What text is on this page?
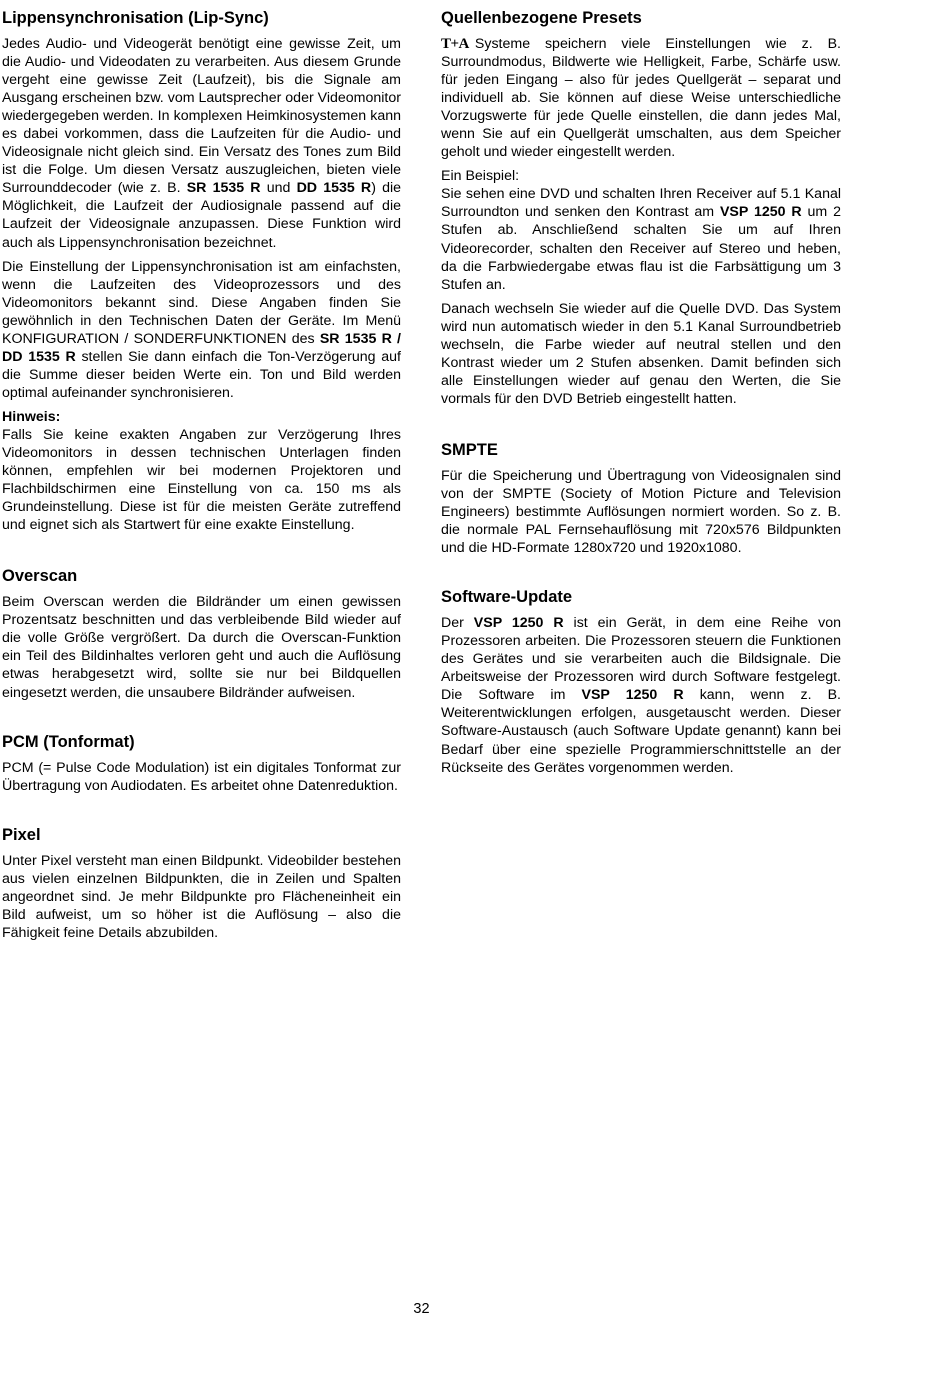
Lippensynchronisation (Lip-Sync)

Jedes Audio- und Videogerät benötigt eine gewisse Zeit, um die Audio- und Videodaten zu verarbeiten. Aus diesem Grunde vergeht eine gewisse Zeit (Laufzeit), bis die Signale am Ausgang erscheinen bzw. vom Lautsprecher oder Videomonitor wiedergegeben werden. In komplexen Heimkinosystemen kann es dabei vorkommen, dass die Laufzeiten für die Audio- und Videosignale nicht gleich sind. Ein Versatz des Tones zum Bild ist die Folge. Um diesen Versatz auszugleichen, bieten viele Surrounddecoder (wie z. B. SR 1535 R und DD 1535 R) die Möglichkeit, die Laufzeit der Audiosignale passend auf die Laufzeit der Videosignale anzupassen. Diese Funktion wird auch als Lippensynchronisation bezeichnet.

Die Einstellung der Lippensynchronisation ist am einfachsten, wenn die Laufzeiten des Videoprozessors und des Videomonitors bekannt sind. Diese Angaben finden Sie gewöhnlich in den Technischen Daten der Geräte. Im Menü KONFIGURATION / SONDERFUNKTIONEN des SR 1535 R / DD 1535 R stellen Sie dann einfach die Ton-Verzögerung auf die Summe dieser beiden Werte ein. Ton und Bild werden optimal aufeinander synchronisieren.

Hinweis:

Falls Sie keine exakten Angaben zur Verzögerung Ihres Videomonitors in dessen technischen Unterlagen finden können, empfehlen wir bei modernen Projektoren und Flachbildschirmen eine Einstellung von ca. 150 ms als Grundeinstellung. Diese ist für die meisten Geräte zutreffend und eignet sich als Startwert für eine exakte Einstellung.

Overscan

Beim Overscan werden die Bildränder um einen gewissen Prozentsatz beschnitten und das verbleibende Bild wieder auf die volle Größe vergrößert. Da durch die Overscan-Funktion ein Teil des Bildinhaltes verloren geht und auch die Auflösung etwas herabgesetzt wird, sollte sie nur bei Bildquellen eingesetzt werden, die unsaubere Bildränder aufweisen.

PCM (Tonformat)

PCM (= Pulse Code Modulation) ist ein digitales Tonformat zur Übertragung von Audiodaten. Es arbeitet ohne Datenreduktion.

Pixel

Unter Pixel versteht man einen Bildpunkt. Videobilder bestehen aus vielen einzelnen Bildpunkten, die in Zeilen und Spalten angeordnet sind. Je mehr Bildpunkte pro Flächeneinheit ein Bild aufweist, um so höher ist die Auflösung – also die Fähigkeit feine Details abzubilden.

Quellenbezogene Presets

T+A Systeme speichern viele Einstellungen wie z. B. Surroundmodus, Bildwerte wie Helligkeit, Farbe, Schärfe usw. für jeden Eingang – also für jedes Quellgerät – separat und individuell ab. Sie können auf diese Weise unterschiedliche Vorzugswerte für jede Quelle einstellen, die dann jedes Mal, wenn Sie auf ein Quellgerät umschalten, aus dem Speicher geholt und wieder eingestellt werden.

Ein Beispiel:

Sie sehen eine DVD und schalten Ihren Receiver auf 5.1 Kanal Surroundton und senken den Kontrast am VSP 1250 R um 2 Stufen ab. Anschließend schalten Sie um auf Ihren Videorecorder, schalten den Receiver auf Stereo und heben, da die Farbwiedergabe etwas flau ist die Farbsättigung um 3 Stufen an.

Danach wechseln Sie wieder auf die Quelle DVD. Das System wird nun automatisch wieder in den 5.1 Kanal Surroundbetrieb wechseln, die Farbe wieder auf neutral stellen und den Kontrast wieder um 2 Stufen absenken. Damit befinden sich alle Einstellungen wieder auf genau den Werten, die Sie vormals für den DVD Betrieb eingestellt hatten.

SMPTE

Für die Speicherung und Übertragung von Videosignalen sind von der SMPTE (Society of Motion Picture and Television Engineers) bestimmte Auflösungen normiert worden. So z. B. die normale PAL Fernsehauflösung mit 720x576 Bildpunkten und die HD-Formate 1280x720 und 1920x1080.

Software-Update

Der VSP 1250 R ist ein Gerät, in dem eine Reihe von Prozessoren arbeiten. Die Prozessoren steuern die Funktionen des Gerätes und sie verarbeiten auch die Bildsignale. Die Arbeitsweise der Prozessoren wird durch Software festgelegt. Die Software im VSP 1250 R kann, wenn z. B. Weiterentwicklungen erfolgen, ausgetauscht werden. Dieser Software-Austausch (auch Software Update genannt) kann bei Bedarf über eine spezielle Programmierschnittstelle an der Rückseite des Gerätes vorgenommen werden.

32
